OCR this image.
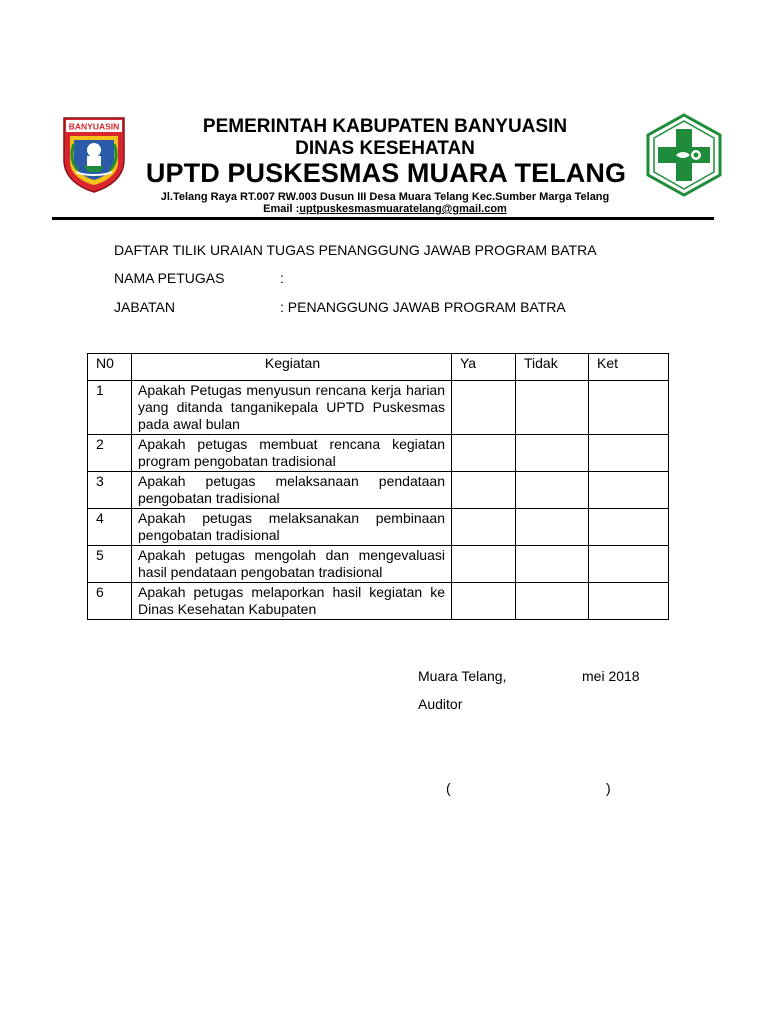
BANYUASIN	PEMERINTAH KABUPATEN BANYUASIN
DINAS KESEHATAN
UPTD PUSKESMAS MUARA TELANG
Jl.Telang Raya RT.007 RW.003 Dusun III Desa Muara Telang Kec.Sumber Marga Telang
Email :uptpuskesmasmuaratelang@gmail.com
DAFTAR TILIK URAIAN TUGAS PENANGGUNG JAWAB PROGRAM BATRA
NAMA PETUGAS	:
JABATAN	: PENANGGUNG JAWAB PROGRAM BATRA
N0	Kegiatan	Ya	Tidak	Ket
1	Apakah Petugas menyusun rencana kerja harian yang ditanda tanganikepala UPTD Puskesmas pada awal bulan			

2	Apakah petugas membuat rencana kegiatan program pengobatan tradisional			

3	Apakah petugas melaksanaan pendataan pengobatan tradisional			

4	Apakah petugas melaksanakan pembinaan pengobatan tradisional			

5	Apakah petugas mengolah dan mengevaluasi hasil pendataan pengobatan tradisional			

6	Apakah petugas melaporkan hasil kegiatan ke Dinas Kesehatan Kabupaten			

Muara Telang,	mei 2018
Auditor
(	)
